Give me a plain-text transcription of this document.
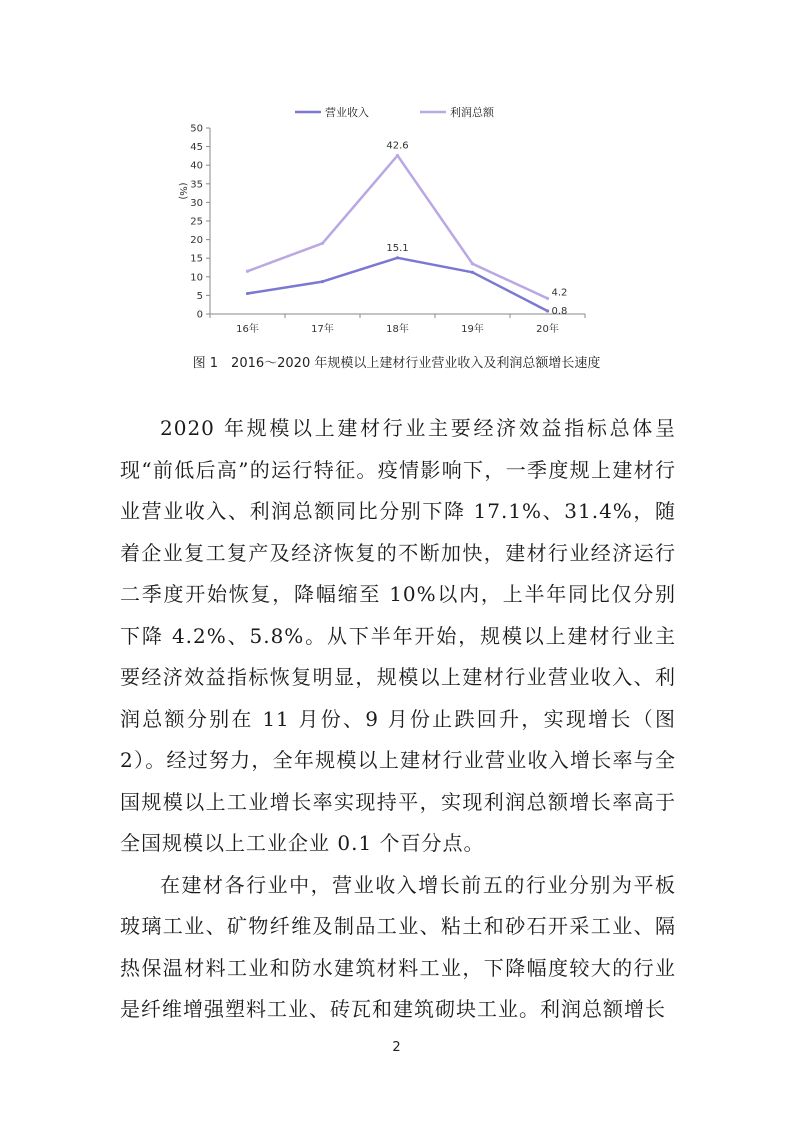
营业收入	利润总额
0
5
10
15
20
25
30
35
40
45
50
(%)
16年	17年	18年	19年	20年
42.6
15.1
4.2
0.8
图 1　2016～2020 年规模以上建材行业营业收入及利润总额增长速度

2020 年规模以上建材行业主要经济效益指标总体呈现“前低后高”的运行特征。疫情影响下，一季度规上建材行业营业收入、利润总额同比分别下降 17.1%、31.4%，随着企业复工复产及经济恢复的不断加快，建材行业经济运行二季度开始恢复，降幅缩至 10%以内，上半年同比仅分别下降 4.2%、5.8%。从下半年开始，规模以上建材行业主要经济效益指标恢复明显，规模以上建材行业营业收入、利润总额分别在 11 月份、9 月份止跌回升，实现增长（图 2）。经过努力，全年规模以上建材行业营业收入增长率与全国规模以上工业增长率实现持平，实现利润总额增长率高于全国规模以上工业企业 0.1 个百分点。

在建材各行业中，营业收入增长前五的行业分别为平板玻璃工业、矿物纤维及制品工业、粘土和砂石开采工业、隔热保温材料工业和防水建筑材料工业，下降幅度较大的行业是纤维增强塑料工业、砖瓦和建筑砌块工业。利润总额增长

2
